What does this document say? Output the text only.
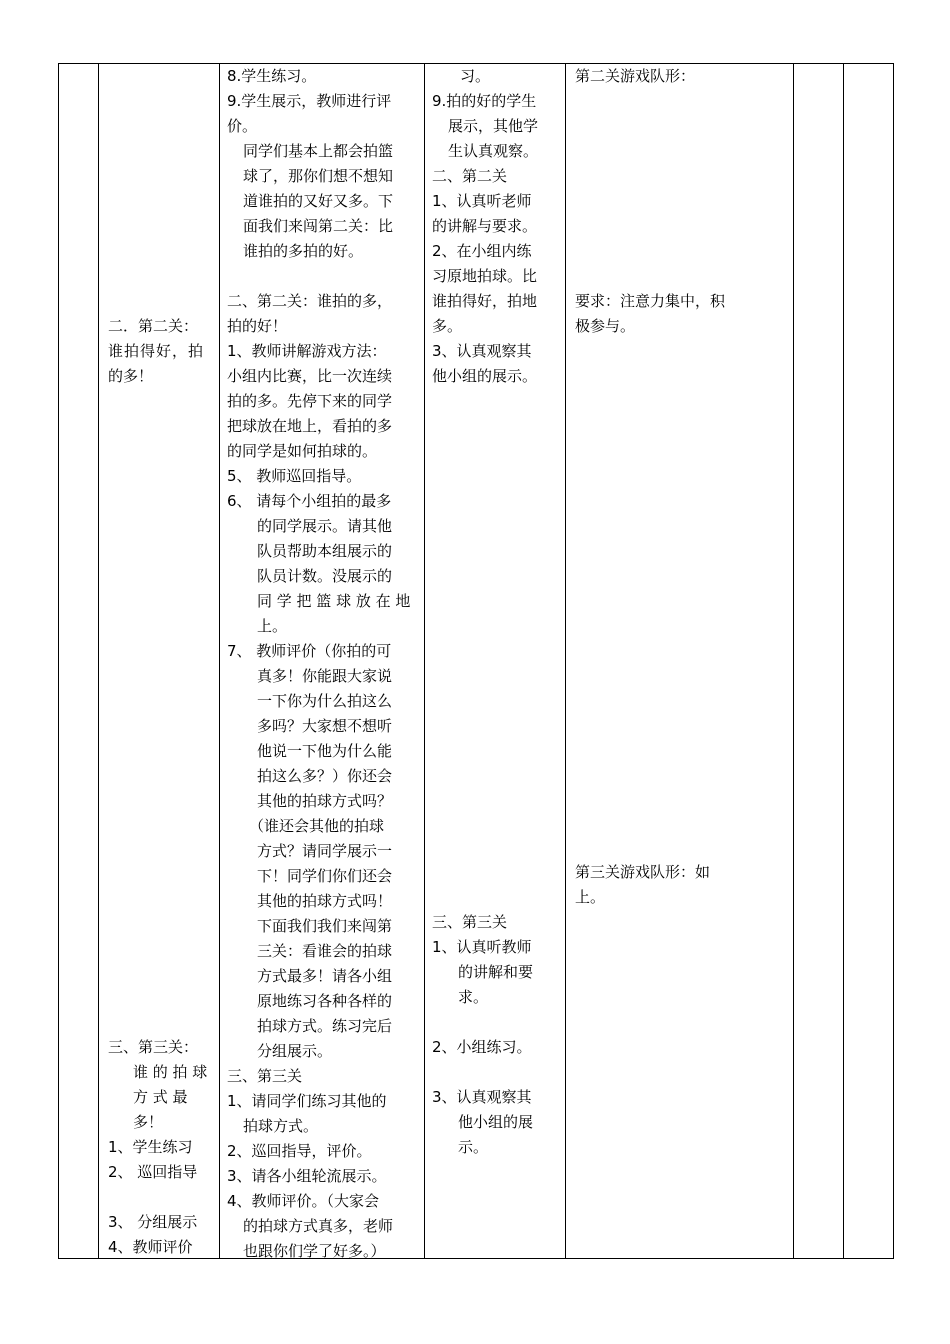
二．第二关：
谁拍得好，拍
的多！
三、第三关：
谁 的 拍 球
方 式 最
多！
1、学生练习
2、 巡回指导
3、 分组展示
4、教师评价
8.学生练习。
9.学生展示，教师进行评
价。
同学们基本上都会拍篮
球了，那你们想不想知
道谁拍的又好又多。下
面我们来闯第二关：比
谁拍的多拍的好。
二、第二关：谁拍的多，
拍的好！
1、教师讲解游戏方法：
小组内比赛，比一次连续
拍的多。先停下来的同学
把球放在地上，看拍的多
的同学是如何拍球的。
5、 教师巡回指导。
6、 请每个小组拍的最多
的同学展示。请其他
队员帮助本组展示的
队员计数。没展示的
同 学 把 篮 球 放 在 地
上。
7、 教师评价（你拍的可
真多！你能跟大家说
一下你为什么拍这么
多吗？大家想不想听
他说一下他为什么能
拍这么多？）你还会
其他的拍球方式吗？
（谁还会其他的拍球
方式？请同学展示一
下！同学们你们还会
其他的拍球方式吗！
下面我们我们来闯第
三关：看谁会的拍球
方式最多！请各小组
原地练习各种各样的
拍球方式。练习完后
分组展示。
三、第三关
1、请同学们练习其他的
拍球方式。
2、巡回指导，评价。
3、请各小组轮流展示。
4、教师评价。（大家会
的拍球方式真多，老师
也跟你们学了好多。）
习。
9.拍的好的学生
展示，其他学
生认真观察。
二、第二关
1、认真听老师
的讲解与要求。
2、在小组内练
习原地拍球。比
谁拍得好，拍地
多。
3、认真观察其
他小组的展示。
三、第三关
1、认真听教师
的讲解和要
求。
2、小组练习。
3、认真观察其
他小组的展
示。
第二关游戏队形：
要求：注意力集中，积
极参与。
第三关游戏队形：如
上。
